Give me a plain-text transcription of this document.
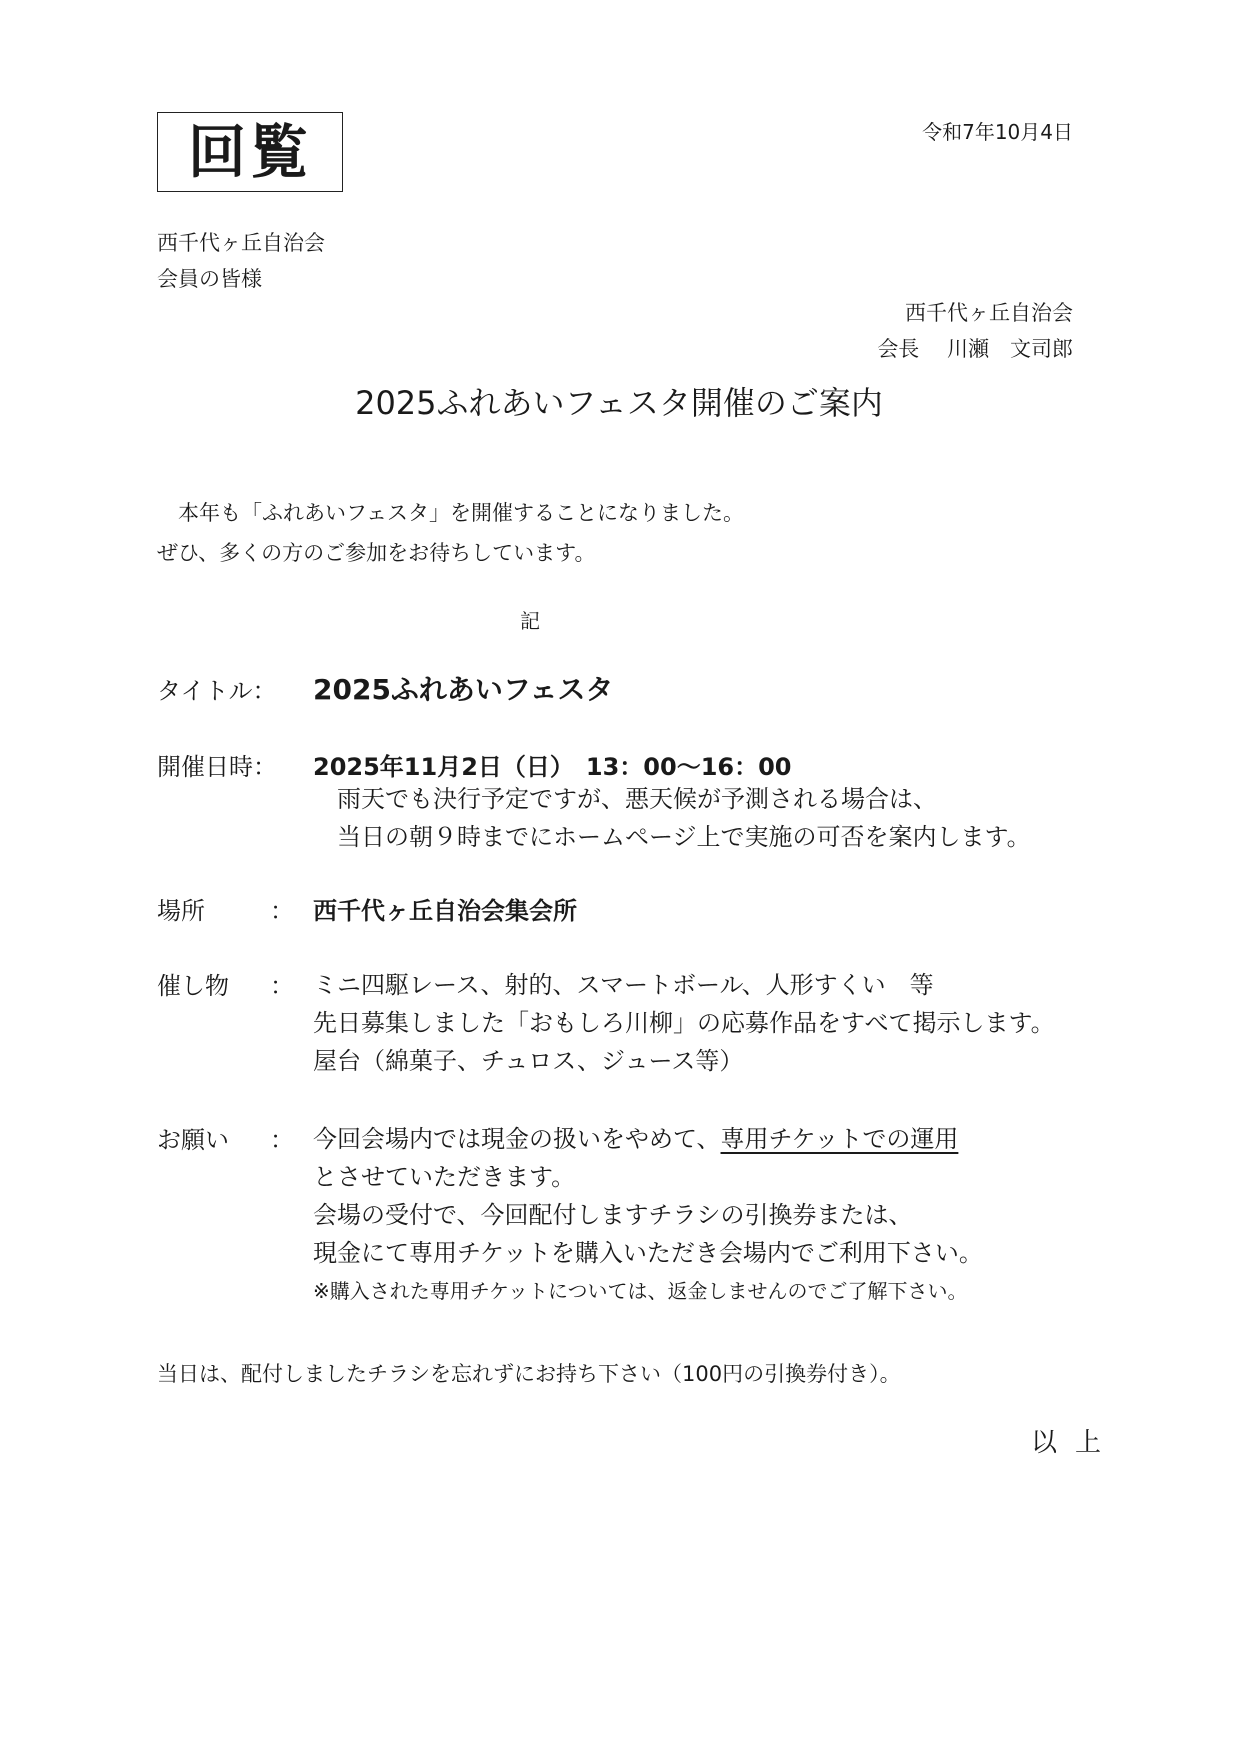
回覧	令和7年10月4日
西千代ヶ丘自治会
会員の皆様
西千代ヶ丘自治会
会長　 川瀬　文司郎
2025ふれあいフェスタ開催のご案内
　本年も「ふれあいフェスタ」を開催することになりました。
ぜひ、多くの方のご参加をお待ちしています。
記
タイトル： 2025ふれあいフェスタ
開催日時： 2025年11月2日（日）　13：00～16：00
　雨天でも決行予定ですが、悪天候が予測される場合は、
　当日の朝９時までにホームページ上で実施の可否を案内します。
場所	： 西千代ヶ丘自治会集会所
催し物 ： ミニ四駆レース、射的、スマートボール、人形すくい　等
先日募集しました「おもしろ川柳」の応募作品をすべて掲示します。
屋台（綿菓子、チュロス、ジュース等）
お願い ： 今回会場内では現金の扱いをやめて、専用チケットでの運用
とさせていただきます。
会場の受付で、今回配付しますチラシの引換券または、
現金にて専用チケットを購入いただき会場内でご利用下さい。
※購入された専用チケットについては、返金しませんのでご了解下さい。
当日は、配付しましたチラシを忘れずにお持ち下さい（100円の引換券付き）。
以上
